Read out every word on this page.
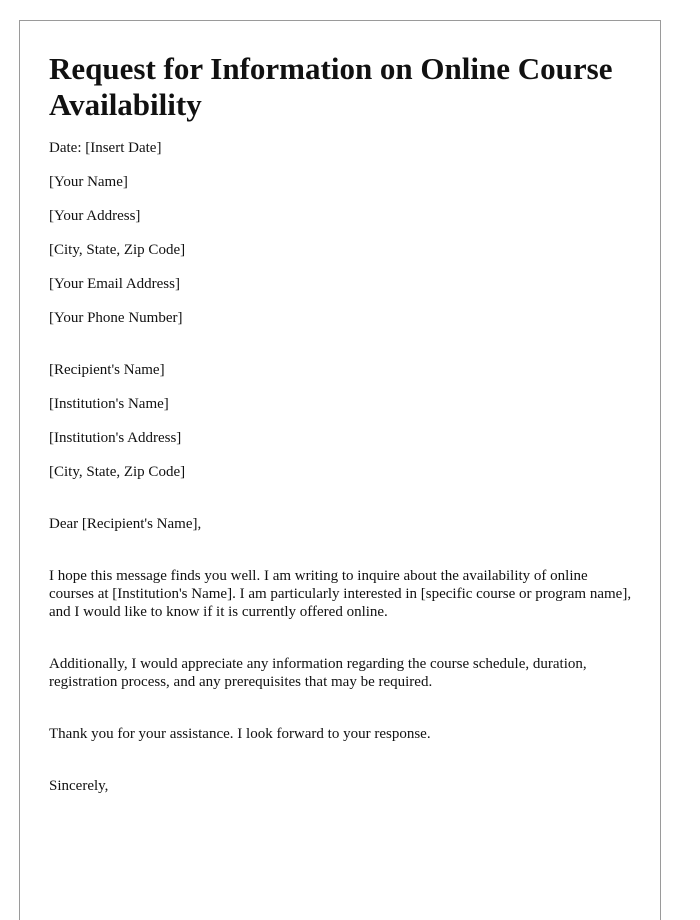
Request for Information on Online Course Availability

Date: [Insert Date]

[Your Name]

[Your Address]

[City, State, Zip Code]

[Your Email Address]

[Your Phone Number]

[Recipient's Name]

[Institution's Name]

[Institution's Address]

[City, State, Zip Code]

Dear [Recipient's Name],

I hope this message finds you well. I am writing to inquire about the availability of online courses at [Institution's Name]. I am particularly interested in [specific course or program name], and I would like to know if it is currently offered online.

Additionally, I would appreciate any information regarding the course schedule, duration, registration process, and any prerequisites that may be required.

Thank you for your assistance. I look forward to your response.

Sincerely,
